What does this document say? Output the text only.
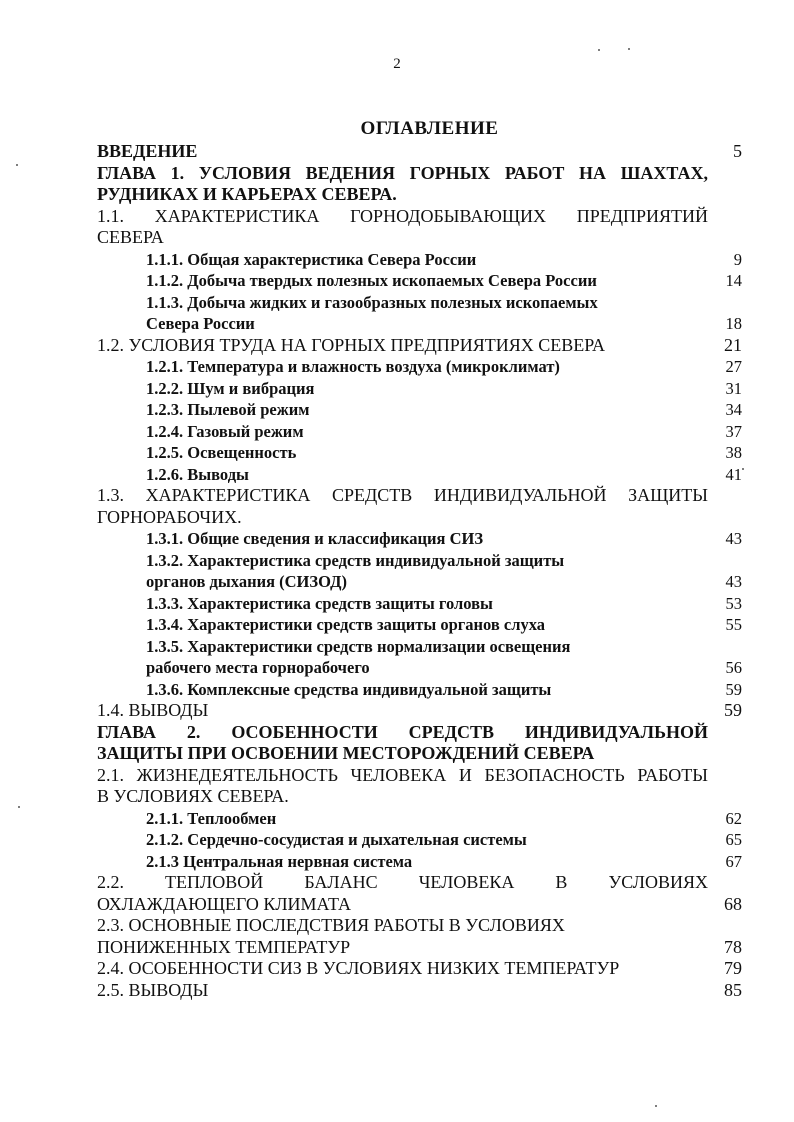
2
ОГЛАВЛЕНИЕ
ВВЕДЕНИЕ	5
ГЛАВА 1. УСЛОВИЯ ВЕДЕНИЯ ГОРНЫХ РАБОТ НА ШАХТАХ,
РУДНИКАХ И КАРЬЕРАХ СЕВЕРА.
1.1. ХАРАКТЕРИСТИКА ГОРНОДОБЫВАЮЩИХ ПРЕДПРИЯТИЙ
СЕВЕРА
1.1.1. Общая характеристика Севера России	9
1.1.2. Добыча твердых полезных ископаемых Севера России	14
1.1.3. Добыча жидких и газообразных полезных ископаемых
Севера России	18
1.2. УСЛОВИЯ ТРУДА НА ГОРНЫХ ПРЕДПРИЯТИЯХ СЕВЕРА	21
1.2.1. Температура и влажность воздуха (микроклимат)	27
1.2.2. Шум и вибрация	31
1.2.3. Пылевой режим	34
1.2.4. Газовый режим	37
1.2.5. Освещенность	38
1.2.6. Выводы	41
1.3. ХАРАКТЕРИСТИКА СРЕДСТВ ИНДИВИДУАЛЬНОЙ ЗАЩИТЫ
ГОРНОРАБОЧИХ.
1.3.1. Общие сведения и классификация СИЗ	43
1.3.2. Характеристика средств индивидуальной защиты
органов дыхания (СИЗОД)	43
1.3.3. Характеристика средств защиты головы	53
1.3.4. Характеристики средств защиты органов слуха	55
1.3.5. Характеристики средств нормализации освещения
рабочего места горнорабочего	56
1.3.6. Комплексные средства индивидуальной защиты	59
1.4. ВЫВОДЫ	59
ГЛАВА 2. ОСОБЕННОСТИ СРЕДСТВ ИНДИВИДУАЛЬНОЙ
ЗАЩИТЫ ПРИ ОСВОЕНИИ МЕСТОРОЖДЕНИЙ СЕВЕРА
2.1. ЖИЗНЕДЕЯТЕЛЬНОСТЬ ЧЕЛОВЕКА И БЕЗОПАСНОСТЬ РАБОТЫ
В УСЛОВИЯХ СЕВЕРА.
2.1.1. Теплообмен	62
2.1.2. Сердечно-сосудистая и дыхательная системы	65
2.1.3 Центральная нервная система	67
2.2. ТЕПЛОВОЙ БАЛАНС ЧЕЛОВЕКА В УСЛОВИЯХ
ОХЛАЖДАЮЩЕГО КЛИМАТА	68
2.3. ОСНОВНЫЕ ПОСЛЕДСТВИЯ РАБОТЫ В УСЛОВИЯХ
ПОНИЖЕННЫХ ТЕМПЕРАТУР	78
2.4. ОСОБЕННОСТИ СИЗ В УСЛОВИЯХ НИЗКИХ ТЕМПЕРАТУР	79
2.5. ВЫВОДЫ	85
